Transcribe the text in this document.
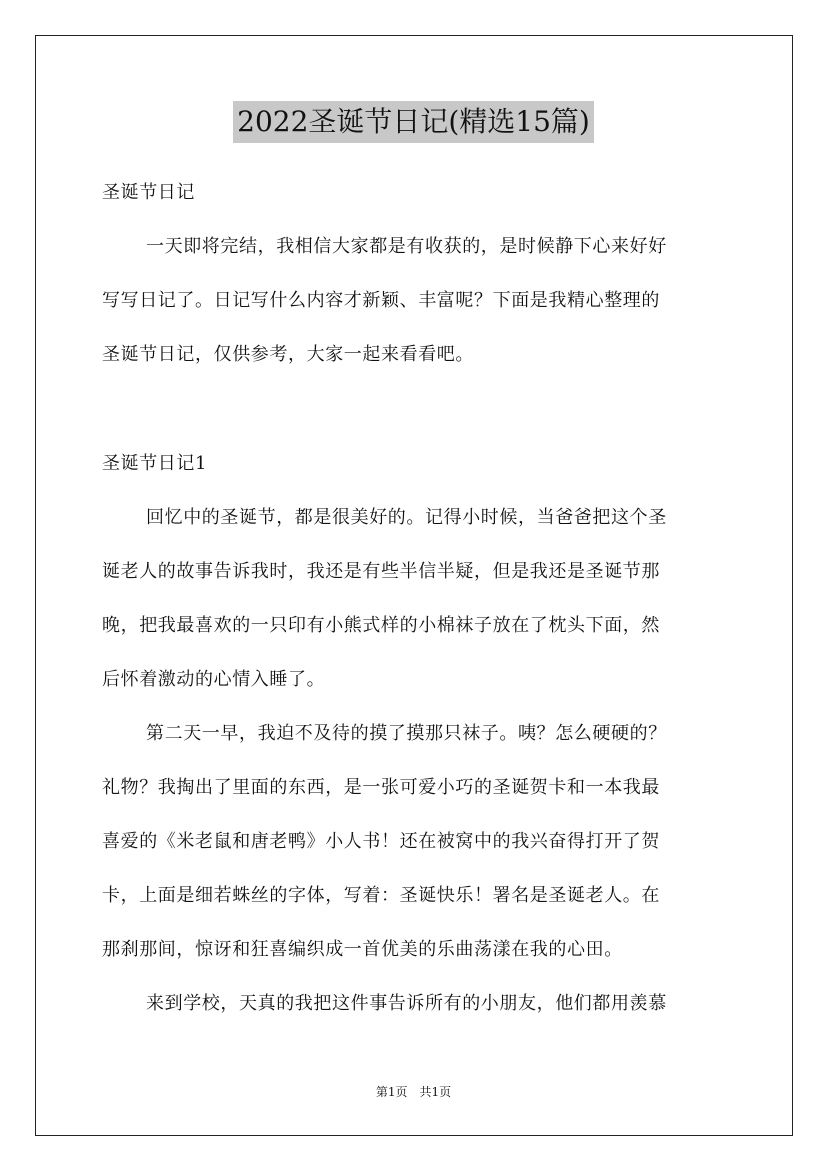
2022圣诞节日记(精选15篇)
圣诞节日记
一天即将完结，我相信大家都是有收获的，是时候静下心来好好
写写日记了。日记写什么内容才新颖、丰富呢？下面是我精心整理的
圣诞节日记，仅供参考，大家一起来看看吧。
圣诞节日记1
回忆中的圣诞节，都是很美好的。记得小时候，当爸爸把这个圣
诞老人的故事告诉我时，我还是有些半信半疑，但是我还是圣诞节那
晚，把我最喜欢的一只印有小熊式样的小棉袜子放在了枕头下面，然
后怀着激动的心情入睡了。
第二天一早，我迫不及待的摸了摸那只袜子。咦？怎么硬硬的？
礼物？我掏出了里面的东西，是一张可爱小巧的圣诞贺卡和一本我最
喜爱的《米老鼠和唐老鸭》小人书！还在被窝中的我兴奋得打开了贺
卡，上面是细若蛛丝的字体，写着：圣诞快乐！署名是圣诞老人。在
那刹那间，惊讶和狂喜编织成一首优美的乐曲荡漾在我的心田。
来到学校，天真的我把这件事告诉所有的小朋友，他们都用羡慕
第1页　共1页
